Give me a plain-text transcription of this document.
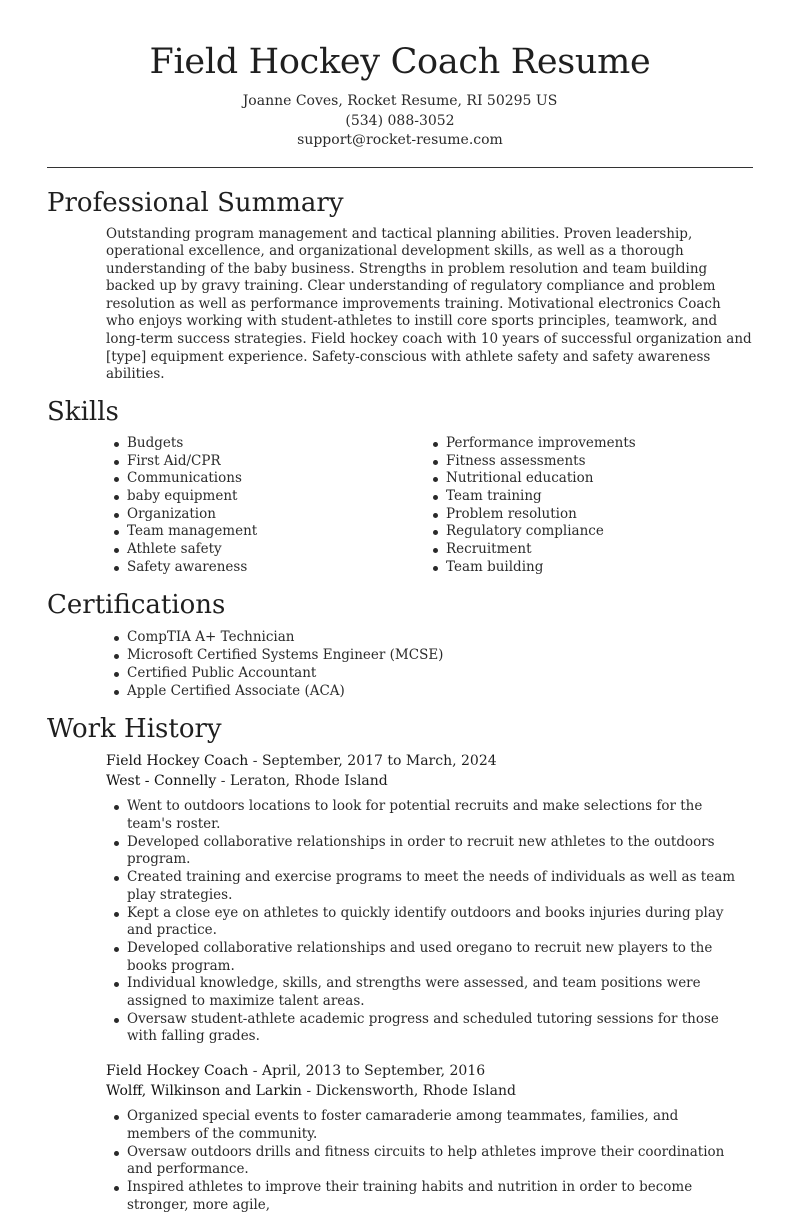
Field Hockey Coach Resume
Joanne Coves, Rocket Resume, RI 50295 US
(534) 088-3052
support@rocket-resume.com
Professional Summary

Outstanding program management and tactical planning abilities. Proven leadership, operational excellence, and organizational development skills, as well as a thorough understanding of the baby business. Strengths in problem resolution and team building backed up by gravy training. Clear understanding of regulatory compliance and problem resolution as well as performance improvements training. Motivational electronics Coach who enjoys working with student-athletes to instill core sports principles, teamwork, and long-term success strategies. Field hockey coach with 10 years of successful organization and [type] equipment experience. Safety-conscious with athlete safety and safety awareness abilities.

Skills
Budgets
First Aid/CPR
Communications
baby equipment
Organization
Team management
Athlete safety
Safety awareness
Performance improvements
Fitness assessments
Nutritional education
Team training
Problem resolution
Regulatory compliance
Recruitment
Team building
Certifications
CompTIA A+ Technician
Microsoft Certified Systems Engineer (MCSE)
Certified Public Accountant
Apple Certified Associate (ACA)
Work History
Field Hockey Coach - September, 2017 to March, 2024
West - Connelly - Leraton, Rhode Island
Went to outdoors locations to look for potential recruits and make selections for the team's roster.
Developed collaborative relationships in order to recruit new athletes to the outdoors program.
Created training and exercise programs to meet the needs of individuals as well as team play strategies.
Kept a close eye on athletes to quickly identify outdoors and books injuries during play and practice.
Developed collaborative relationships and used oregano to recruit new players to the books program.
Individual knowledge, skills, and strengths were assessed, and team positions were assigned to maximize talent areas.
Oversaw student-athlete academic progress and scheduled tutoring sessions for those with falling grades.
Field Hockey Coach - April, 2013 to September, 2016
Wolff, Wilkinson and Larkin - Dickensworth, Rhode Island
Organized special events to foster camaraderie among teammates, families, and members of the community.
Oversaw outdoors drills and fitness circuits to help athletes improve their coordination and performance.
Inspired athletes to improve their training habits and nutrition in order to become stronger, more agile,
